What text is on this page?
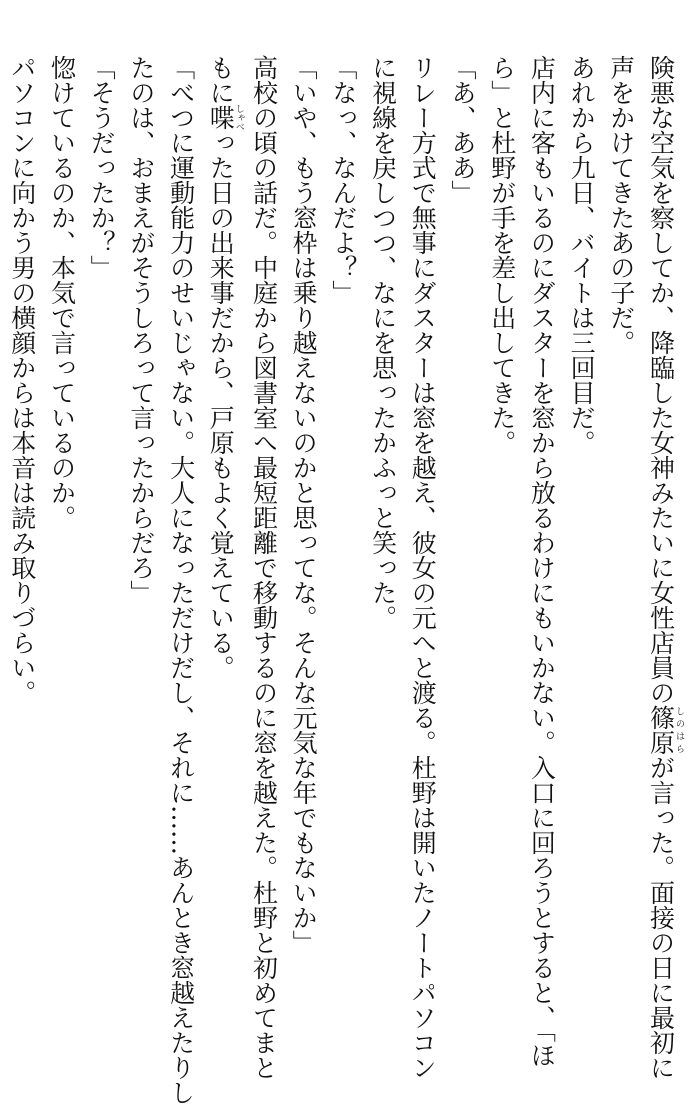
険悪な空気を察してか、降臨した女神みたいに女性店員の篠原しのはらが言った。面接の日に最初に
声をかけてきたあの子だ。
あれから九日、バイトは三回目だ。
店内に客もいるのにダスターを窓から放るわけにもいかない。入口に回ろうとすると、「ほ
ら」と杜野が手を差し出してきた。
「あ、ああ」
リレー方式で無事にダスターは窓を越え、彼女の元へと渡る。杜野は開いたノートパソコン
に視線を戻しつつ、なにを思ったかふっと笑った。
「なっ、なんだよ？」
「いや、もう窓枠は乗り越えないのかと思ってな。そんな元気な年でもないか」
高校の頃の話だ。中庭から図書室へ最短距離で移動するのに窓を越えた。杜野と初めてまと
もに喋しゃべった日の出来事だから、戸原もよく覚えている。
「べつに運動能力のせいじゃない。大人になっただけだし、それに……あんとき窓越えたりし
たのは、おまえがそうしろって言ったからだろ」
「そうだったか？」
惚けているのか、本気で言っているのか。
パソコンに向かう男の横顔からは本音は読み取りづらい。
